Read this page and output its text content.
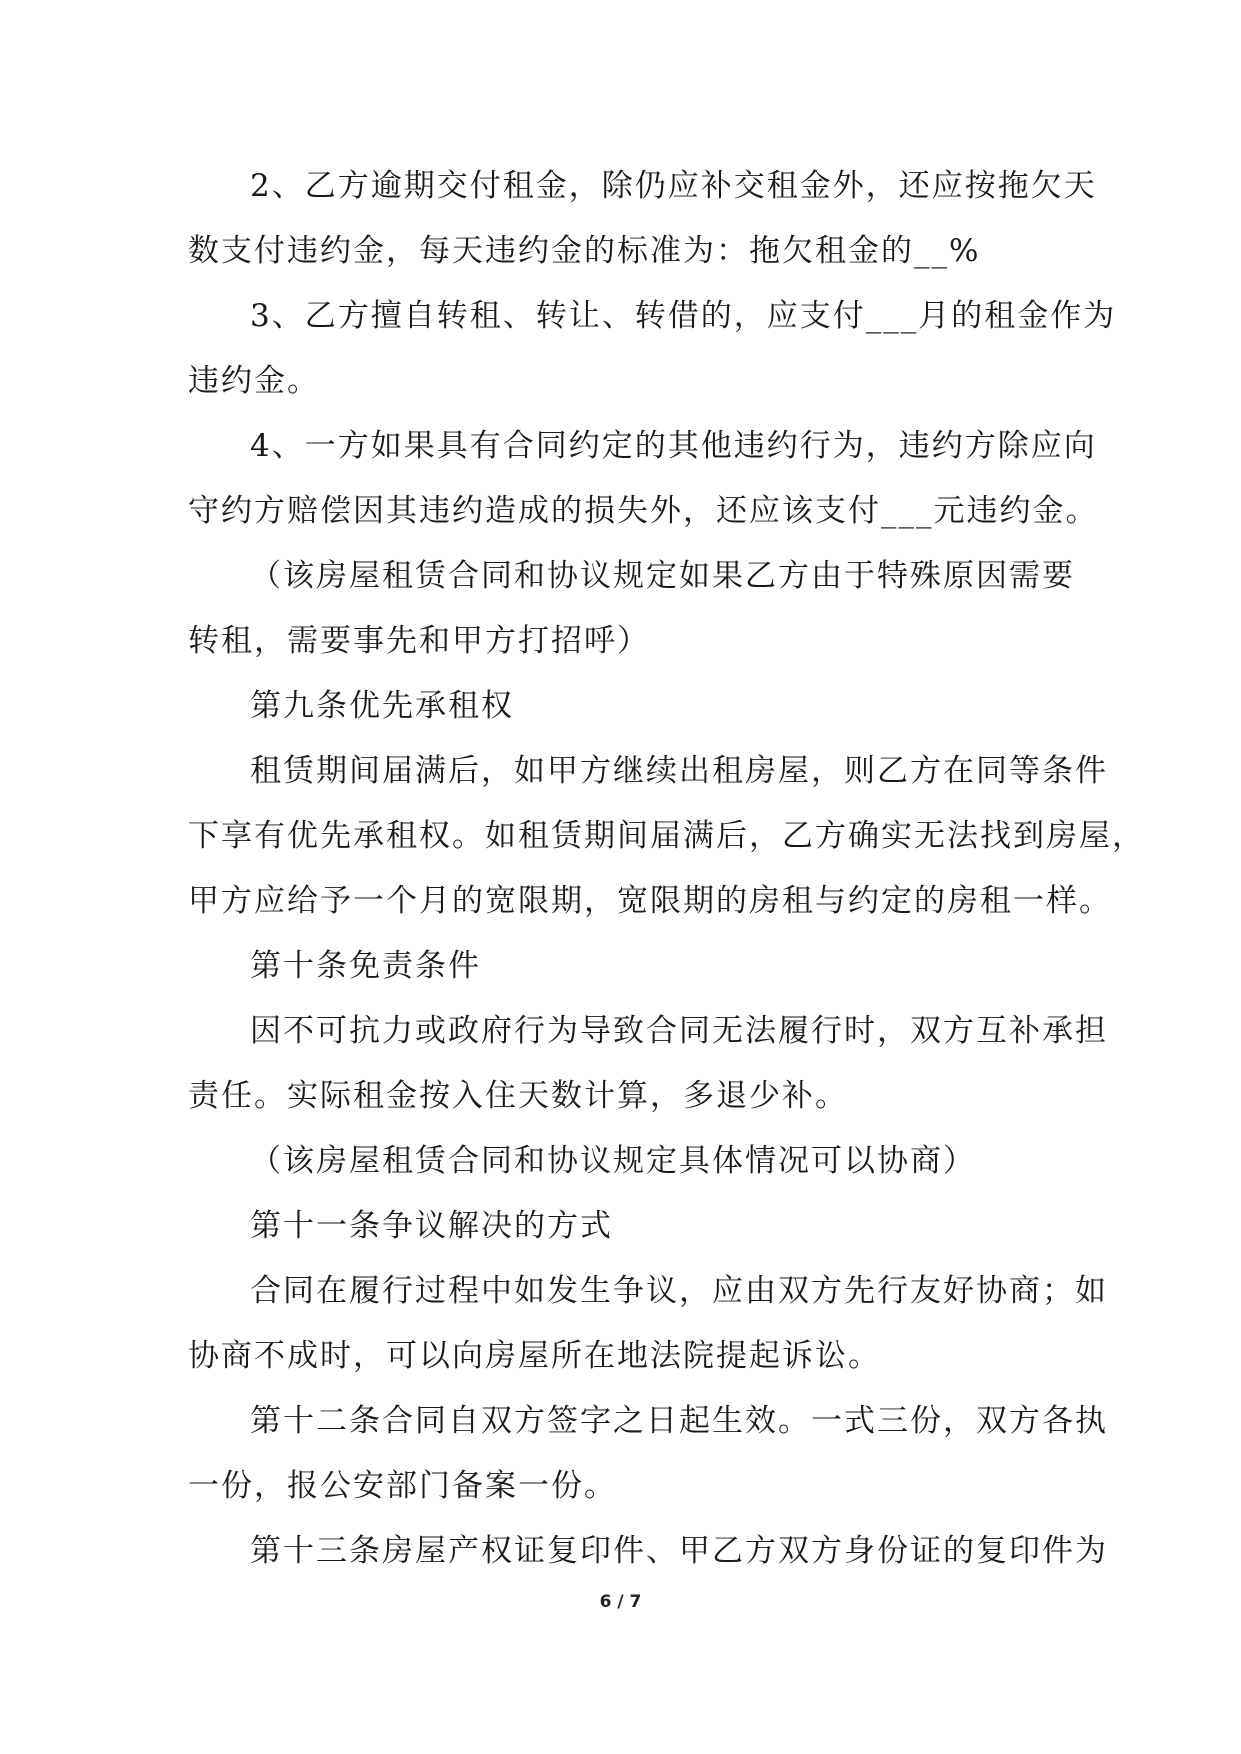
2、乙方逾期交付租金，除仍应补交租金外，还应按拖欠天
数支付违约金，每天违约金的标准为：拖欠租金的__%
3、乙方擅自转租、转让、转借的，应支付___月的租金作为
违约金。
4、一方如果具有合同约定的其他违约行为，违约方除应向
守约方赔偿因其违约造成的损失外，还应该支付___元违约金。
（该房屋租赁合同和协议规定如果乙方由于特殊原因需要
转租，需要事先和甲方打招呼）
第九条优先承租权
租赁期间届满后，如甲方继续出租房屋，则乙方在同等条件
下享有优先承租权。如租赁期间届满后，乙方确实无法找到房屋，
甲方应给予一个月的宽限期，宽限期的房租与约定的房租一样。
第十条免责条件
因不可抗力或政府行为导致合同无法履行时，双方互补承担
责任。实际租金按入住天数计算，多退少补。
（该房屋租赁合同和协议规定具体情况可以协商）
第十一条争议解决的方式
合同在履行过程中如发生争议，应由双方先行友好协商；如
协商不成时，可以向房屋所在地法院提起诉讼。
第十二条合同自双方签字之日起生效。一式三份，双方各执
一份，报公安部门备案一份。
第十三条房屋产权证复印件、甲乙方双方身份证的复印件为
6 / 7
